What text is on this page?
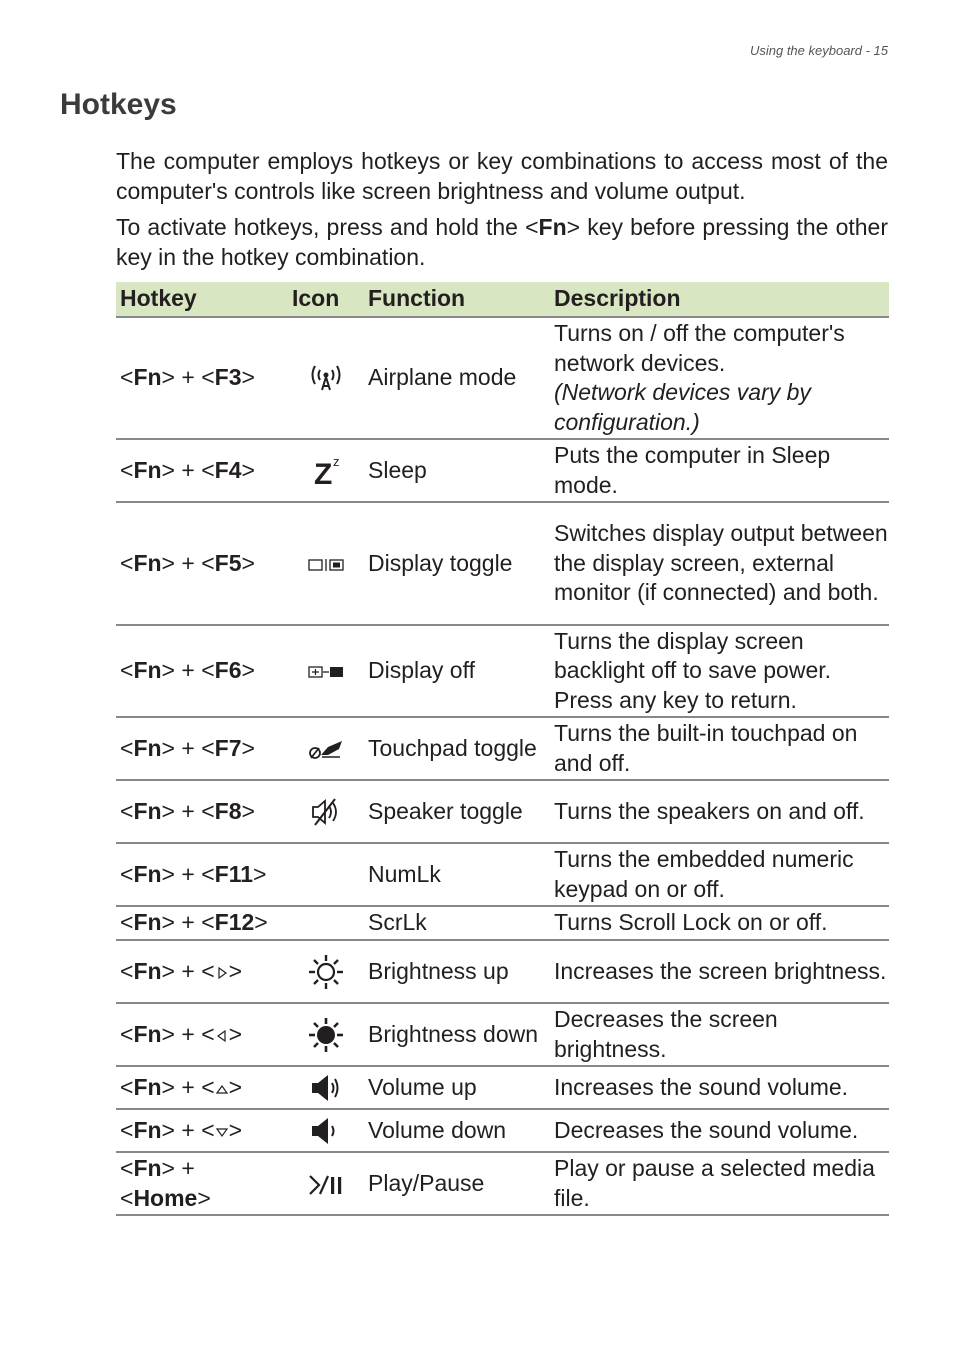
Using the keyboard - 15
Hotkeys

The computer employs hotkeys or key combinations to access most of the computer's controls like screen brightness and volume output.

To activate hotkeys, press and hold the <Fn> key before pressing the other key in the hotkey combination.

Hotkey	Icon	Function	Description
<Fn> + <F3>		Airplane mode	Turns on / off the computer's network devices.
(Network devices vary by configuration.)
<Fn> + <F4>	Z z	Sleep	Puts the computer in Sleep mode.
<Fn> + <F5>		Display toggle	Switches display output between the display screen, external monitor (if connected) and both.
<Fn> + <F6>		Display off	Turns the display screen backlight off to save power. Press any key to return.
<Fn> + <F7>		Touchpad toggle	Turns the built-in touchpad on and off.
<Fn> + <F8>		Speaker toggle	Turns the speakers on and off.
<Fn> + <F11>		NumLk	Turns the embedded numeric keypad on or off.
<Fn> + <F12>		ScrLk	Turns Scroll Lock on or off.
<Fn> + < >		Brightness up	Increases the screen brightness.
<Fn> + < >		Brightness down	Decreases the screen brightness.
<Fn> + < >		Volume up	Increases the sound volume.
<Fn> + < >		Volume down	Decreases the sound volume.
<Fn> +
<Home>		Play/Pause	Play or pause a selected media file.
